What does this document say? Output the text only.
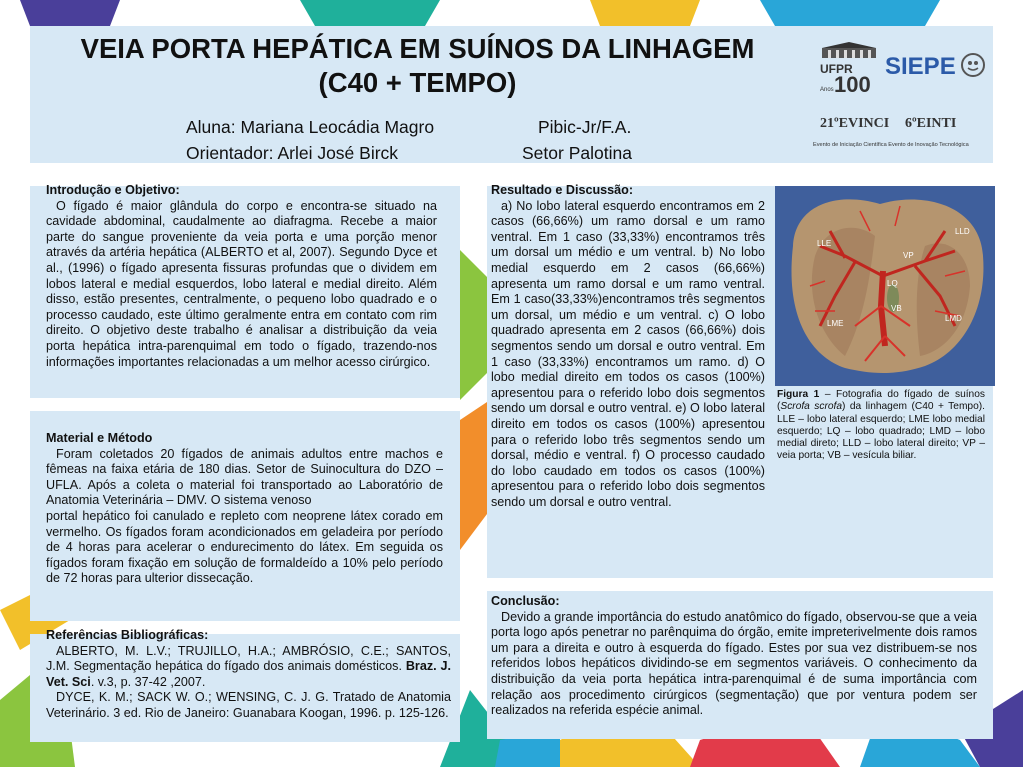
VEIA PORTA HEPÁTICA EM SUÍNOS DA LINHAGEM (C40 + TEMPO)
Aluna: Mariana Leocádia Magro	Pibic-Jr/F.A.
Orientador: Arlei José Birck	Setor Palotina
UFPR
Anos 100
SIEPE
21ºEVINCI 6ºEINTI
Evento de Iniciação Científica Evento de Inovação Tecnológica
Introdução e Objetivo:

O fígado é maior glândula do corpo e encontra-se situado na cavidade abdominal, caudalmente ao diafragma. Recebe a maior parte do sangue proveniente da veia porta e uma porção menor através da artéria hepática (ALBERTO et al, 2007). Segundo Dyce et al., (1996) o fígado apresenta fissuras profundas que o dividem em lobos lateral e medial esquerdos, lobo lateral e medial direito. Além disso, estão presentes, centralmente, o pequeno lobo quadrado e o processo caudado, este último geralmente entra em contato com rim direito. O objetivo deste trabalho é analisar a distribuição da veia porta hepática intra-parenquimal em todo o fígado, trazendo-nos informações importantes relacionadas a um melhor acesso cirúrgico.

Material e Método

Foram coletados 20 fígados de animais adultos entre machos e fêmeas na faixa etária de 180 dias. Setor de Suinocultura do DZO – UFLA. Após a coleta o material foi transportado ao Laboratório de Anatomia Veterinária – DMV. O sistema venoso

portal hepático foi canulado e repleto com neoprene látex corado em vermelho. Os fígados foram acondicionados em geladeira por período de 4 horas para acelerar o endurecimento do látex. Em seguida os fígados foram fixação em solução de formaldeído a 10% pelo período de 72 horas para ulterior dissecação.

Referências Bibliográficas:

ALBERTO, M. L.V.; TRUJILLO, H.A.; AMBRÓSIO, C.E.; SANTOS, J.M. Segmentação hepática do fígado dos animais domésticos. Braz. J. Vet. Sci. v.3, p. 37-42 ,2007.

DYCE, K. M.; SACK W. O.; WENSING, C. J. G. Tratado de Anatomia Veterinário. 3 ed. Rio de Janeiro: Guanabara Koogan, 1996. p. 125-126.

Resultado e Discussão:

a) No lobo lateral esquerdo encontramos em 2 casos (66,66%) um ramo dorsal e um ramo ventral. Em 1 caso (33,33%) encontramos três um dorsal um médio e um ventral. b) No lobo medial esquerdo em 2 casos (66,66%) apresenta um ramo dorsal e um ramo ventral. Em 1 caso(33,33%)encontramos três segmentos um dorsal, um médio e um ventral. c) O lobo quadrado apresenta em 2 casos (66,66%) dois segmentos sendo um dorsal e outro ventral. Em 1 caso (33,33%) encontramos um ramo. d) O lobo medial direito em todos os casos (100%) apresentou para o referido lobo dois segmentos sendo um dorsal e outro ventral. e) O lobo lateral direito em todos os casos (100%) apresentou para o referido lobo três segmentos sendo um dorsal, médio e ventral. f) O processo caudado do lobo caudado em todos os casos (100%) apresentou para o referido lobo dois segmentos sendo um dorsal e outro ventral.

LLD
LLE
VP
LQ
LMD
LME
VB
Figura 1 – Fotografia do fígado de suínos (Scrofa scrofa) da linhagem (C40 + Tempo). LLE – lobo lateral esquerdo; LME lobo medial esquerdo; LQ – lobo quadrado; LMD – lobo medial direto; LLD – lobo lateral direito; VP – veia porta; VB – vesícula biliar.
Conclusão:

Devido a grande importância do estudo anatômico do fígado, observou-se que a veia porta logo após penetrar no parênquima do órgão, emite impreterivelmente dois ramos um para a direita e outro à esquerda do fígado. Estes por sua vez distribuem-se nos referidos lobos hepáticos dividindo-se em segmentos variáveis. O conhecimento da distribuição da veia porta hepática intra-parenquimal é de suma importância com relação aos procedimento cirúrgicos (segmentação) que por ventura podem ser realizados na referida espécie animal.
